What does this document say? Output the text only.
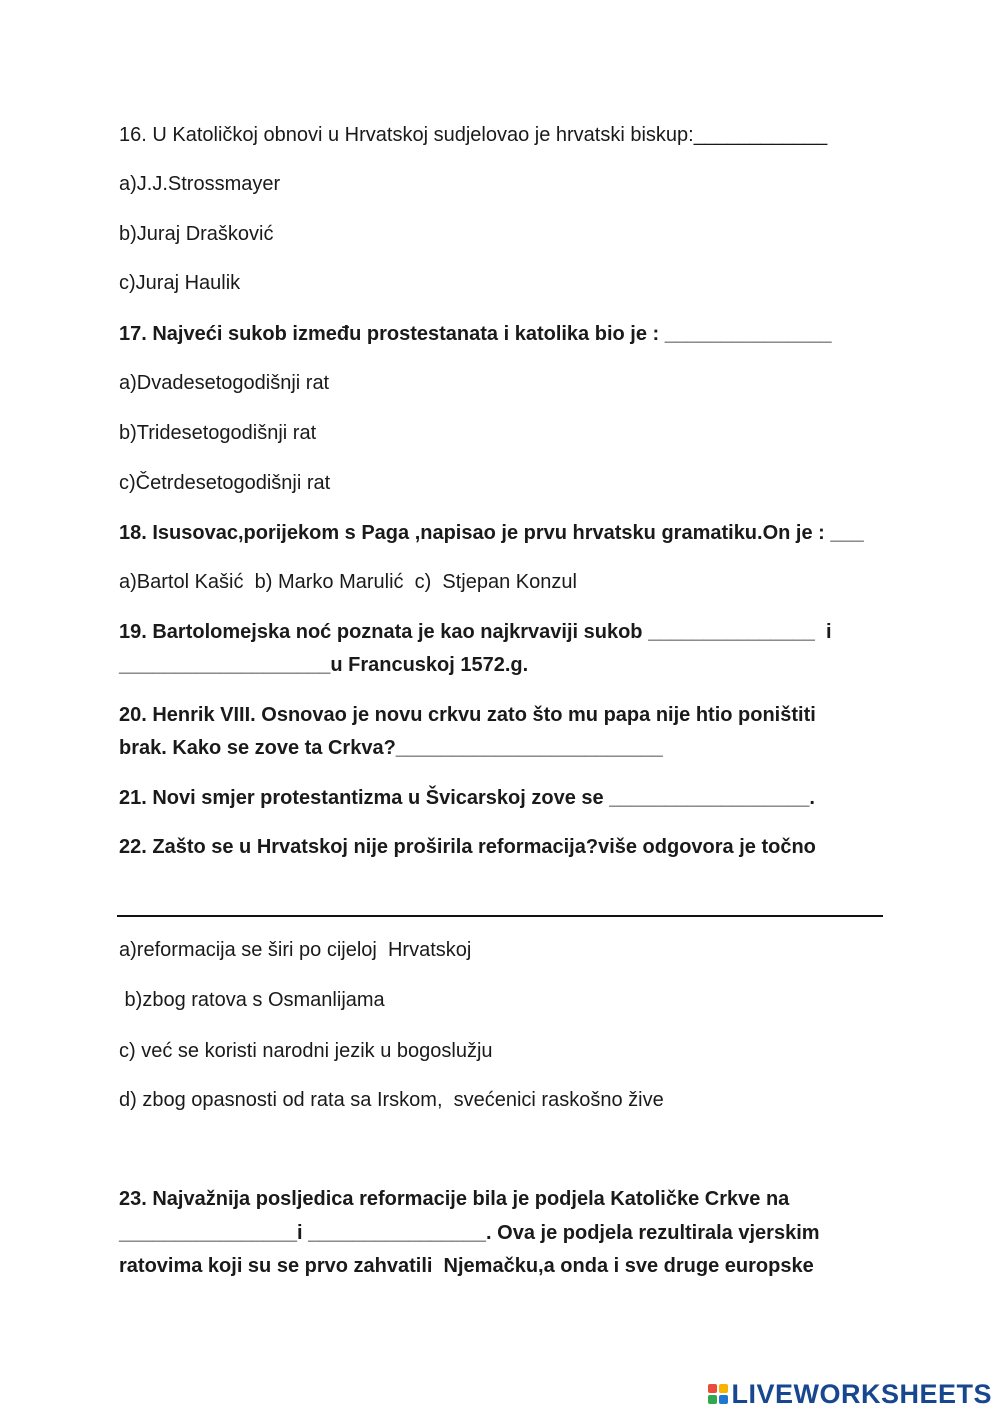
16. U Katoličkoj obnovi u Hrvatskoj sudjelovao je hrvatski biskup:____________

a)J.J.Strossmayer

b)Juraj Drašković

c)Juraj Haulik

17. Najveći sukob između prostestanata i katolika bio je : _______________

a)Dvadesetogodišnji rat

b)Tridesetogodišnji rat

c)Četrdesetogodišnji rat

18. Isusovac,porijekom s Paga ,napisao je prvu hrvatsku gramatiku.On je : ___

a)Bartol Kašić  b) Marko Marulić  c)  Stjepan Konzul

19. Bartolomejska noć poznata je kao najkrvaviji sukob _______________  i

___________________u Francuskoj 1572.g.

20. Henrik VIII. Osnovao je novu crkvu zato što mu papa nije htio poništiti

brak. Kako se zove ta Crkva?________________________

21. Novi smjer protestantizma u Švicarskoj zove se __________________.

22. Zašto se u Hrvatskoj nije proširila reformacija?više odgovora je točno

a)reformacija se širi po cijeloj  Hrvatskoj

b)zbog ratova s Osmanlijama

c) već se koristi narodni jezik u bogoslužju

d) zbog opasnosti od rata sa Irskom,  svećenici raskošno žive

23. Najvažnija posljedica reformacije bila je podjela Katoličke Crkve na

________________i ________________. Ova je podjela rezultirala vjerskim

ratovima koji su se prvo zahvatili  Njemačku,a onda i sve druge europske

LIVEWORKSHEETS
